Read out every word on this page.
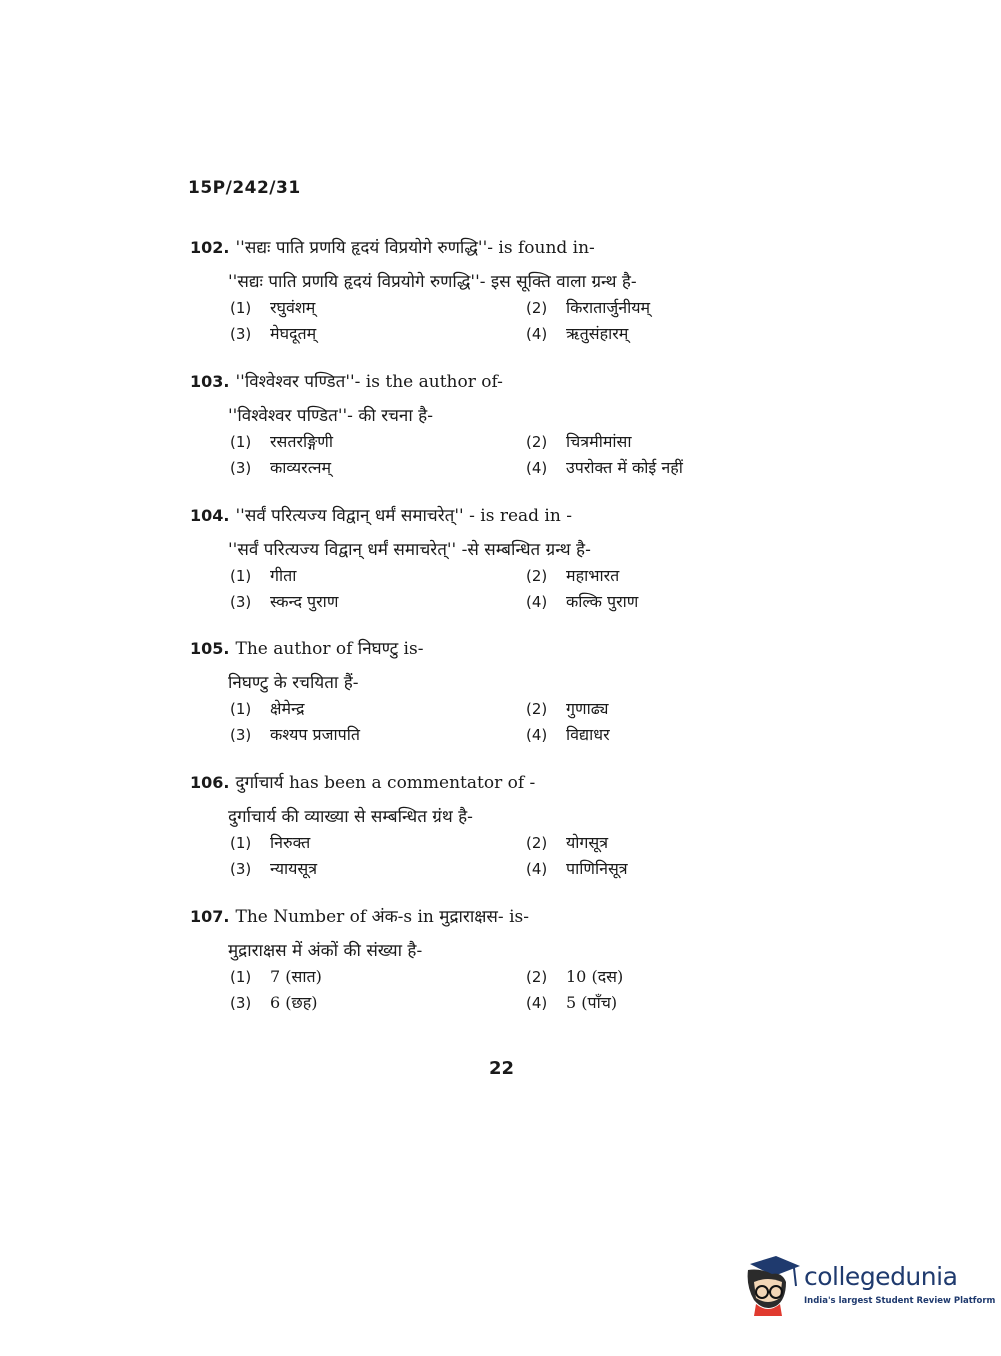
15P/242/31
102. ''सद्यः पाति प्रणयि हृदयं विप्रयोगे रुणद्धि''- is found in-
''सद्यः पाति प्रणयि हृदयं विप्रयोगे रुणद्धि''- इस सूक्ति वाला ग्रन्थ है-
(1) रघुवंशम्	(2) किरातार्जुनीयम्
(3) मेघदूतम्	(4) ऋतुसंहारम्
103. ''विश्वेश्वर पण्डित''- is the author of-
''विश्वेश्वर पण्डित''- की रचना है-
(1) रसतरङ्गिणी	(2) चित्रमीमांसा
(3) काव्यरत्नम्	(4) उपरोक्त में कोई नहीं
104. ''सर्वं परित्यज्य विद्वान् धर्मं समाचरेत्'' - is read in -
''सर्वं परित्यज्य विद्वान् धर्मं समाचरेत्'' -से सम्बन्धित ग्रन्थ है-
(1) गीता	(2) महाभारत
(3) स्कन्द पुराण	(4) कल्कि पुराण
105. The author of निघण्टु is-
निघण्टु के रचयिता हैं-
(1) क्षेमेन्द्र	(2) गुणाढ्य
(3) कश्यप प्रजापति	(4) विद्याधर
106. दुर्गाचार्य has been a commentator of -
दुर्गाचार्य की व्याख्या से सम्बन्धित ग्रंथ है-
(1) निरुक्त	(2) योगसूत्र
(3) न्यायसूत्र	(4) पाणिनिसूत्र
107. The Number of अंक-s in मुद्राराक्षस- is-
मुद्राराक्षस में अंकों की संख्या है-
(1) 7 (सात)	(2) 10 (दस)
(3) 6 (छह)	(4) 5 (पाँच)
22
collegedunia
India's largest Student Review Platform
